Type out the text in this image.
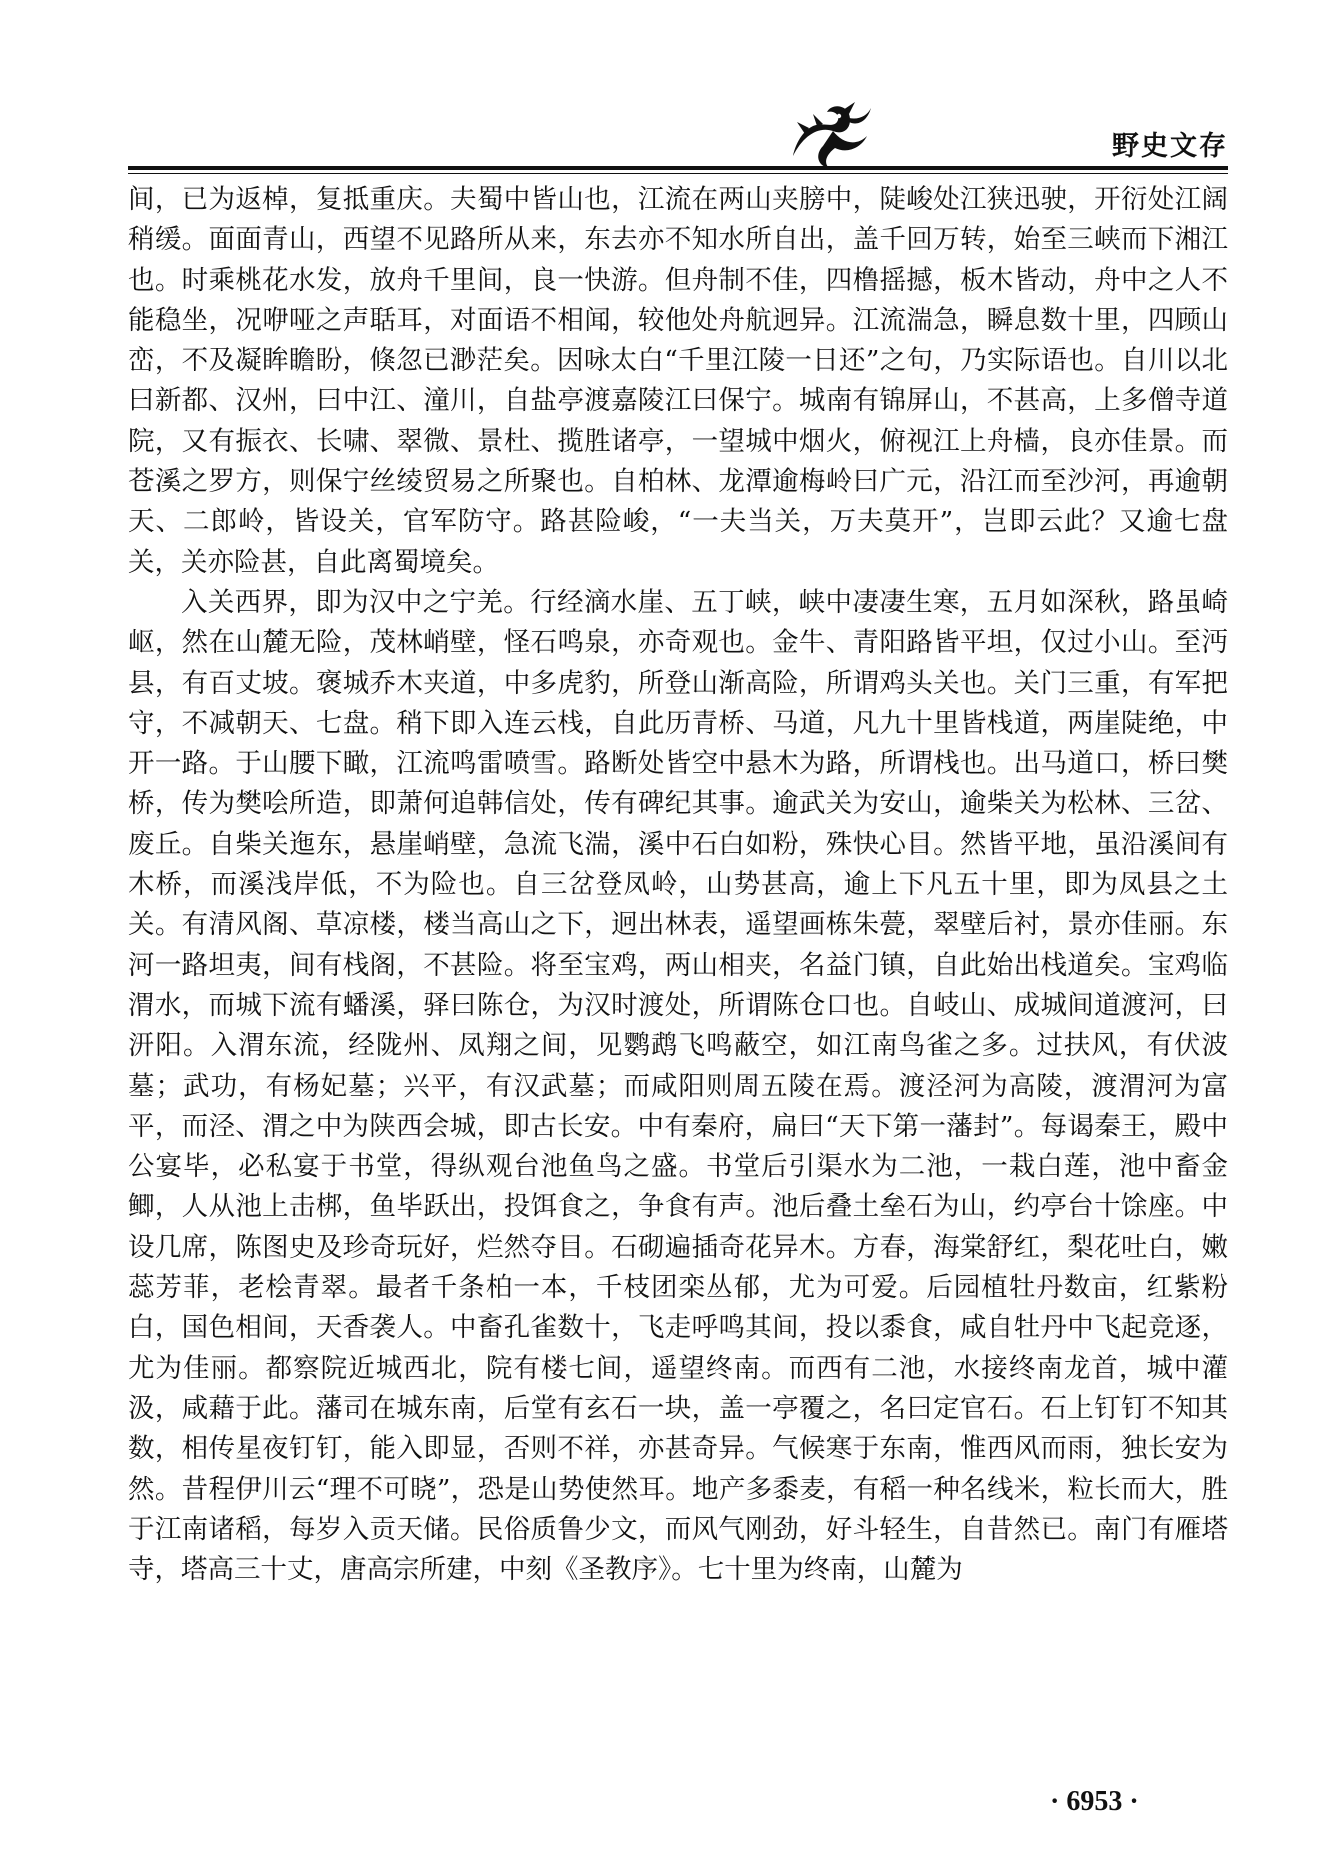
野史文存

间，已为返棹，复抵重庆。夫蜀中皆山也，江流在两山夹膀中，陡峻处江狭迅驶，开衍处江阔稍缓。面面青山，西望不见路所从来，东去亦不知水所自出，盖千回万转，始至三峡而下湘江也。时乘桃花水发，放舟千里间，良一快游。但舟制不佳，四橹摇撼，板木皆动，舟中之人不能稳坐，况咿哑之声聒耳，对面语不相闻，较他处舟航迥异。江流湍急，瞬息数十里，四顾山峦，不及凝眸瞻盼，倏忽已渺茫矣。因咏太白“千里江陵一日还”之句，乃实际语也。自川以北曰新都、汉州，曰中江、潼川，自盐亭渡嘉陵江曰保宁。城南有锦屏山，不甚高，上多僧寺道院，又有振衣、长啸、翠微、景杜、揽胜诸亭，一望城中烟火，俯视江上舟樯，良亦佳景。而苍溪之罗方，则保宁丝绫贸易之所聚也。自柏林、龙潭逾梅岭曰广元，沿江而至沙河，再逾朝天、二郎岭，皆设关，官军防守。路甚险峻，“一夫当关，万夫莫开”，岂即云此？又逾七盘关，关亦险甚，自此离蜀境矣。

入关西界，即为汉中之宁羌。行经滴水崖、五丁峡，峡中凄凄生寒，五月如深秋，路虽崎岖，然在山麓无险，茂林峭壁，怪石鸣泉，亦奇观也。金牛、青阳路皆平坦，仅过小山。至沔县，有百丈坡。褒城乔木夹道，中多虎豹，所登山渐高险，所谓鸡头关也。关门三重，有军把守，不减朝天、七盘。稍下即入连云栈，自此历青桥、马道，凡九十里皆栈道，两崖陡绝，中开一路。于山腰下瞰，江流鸣雷喷雪。路断处皆空中悬木为路，所谓栈也。出马道口，桥曰樊桥，传为樊哙所造，即萧何追韩信处，传有碑纪其事。逾武关为安山，逾柴关为松林、三岔、废丘。自柴关迤东，悬崖峭壁，急流飞湍，溪中石白如粉，殊快心目。然皆平地，虽沿溪间有木桥，而溪浅岸低，不为险也。自三岔登凤岭，山势甚高，逾上下凡五十里，即为凤县之土关。有清风阁、草凉楼，楼当高山之下，迥出林表，遥望画栋朱甍，翠壁后衬，景亦佳丽。东河一路坦夷，间有栈阁，不甚险。将至宝鸡，两山相夹，名益门镇，自此始出栈道矣。宝鸡临渭水，而城下流有蟠溪，驿曰陈仓，为汉时渡处，所谓陈仓口也。自岐山、成城间道渡河，曰汧阳。入渭东流，经陇州、凤翔之间，见鹦鹉飞鸣蔽空，如江南鸟雀之多。过扶风，有伏波墓；武功，有杨妃墓；兴平，有汉武墓；而咸阳则周五陵在焉。渡泾河为高陵，渡渭河为富平，而泾、渭之中为陕西会城，即古长安。中有秦府，扁曰“天下第一藩封”。每谒秦王，殿中公宴毕，必私宴于书堂，得纵观台池鱼鸟之盛。书堂后引渠水为二池，一栽白莲，池中畜金鲫，人从池上击梆，鱼毕跃出，投饵食之，争食有声。池后叠土垒石为山，约亭台十馀座。中设几席，陈图史及珍奇玩好，烂然夺目。石砌遍插奇花异木。方春，海棠舒红，梨花吐白，嫩蕊芳菲，老桧青翠。最者千条柏一本，千枝团栾丛郁，尤为可爱。后园植牡丹数亩，红紫粉白，国色相间，天香袭人。中畜孔雀数十，飞走呼鸣其间，投以黍食，咸自牡丹中飞起竞逐，尤为佳丽。都察院近城西北，院有楼七间，遥望终南。而西有二池，水接终南龙首，城中灌汲，咸藉于此。藩司在城东南，后堂有玄石一块，盖一亭覆之，名曰定官石。石上钉钉不知其数，相传星夜钉钉，能入即显，否则不祥，亦甚奇异。气候寒于东南，惟西风而雨，独长安为然。昔程伊川云“理不可晓”，恐是山势使然耳。地产多黍麦，有稻一种名线米，粒长而大，胜于江南诸稻，每岁入贡天储。民俗质鲁少文，而风气刚劲，好斗轻生，自昔然已。南门有雁塔寺，塔高三十丈，唐高宗所建，中刻《圣教序》。七十里为终南，山麓为

· 6953 ·
